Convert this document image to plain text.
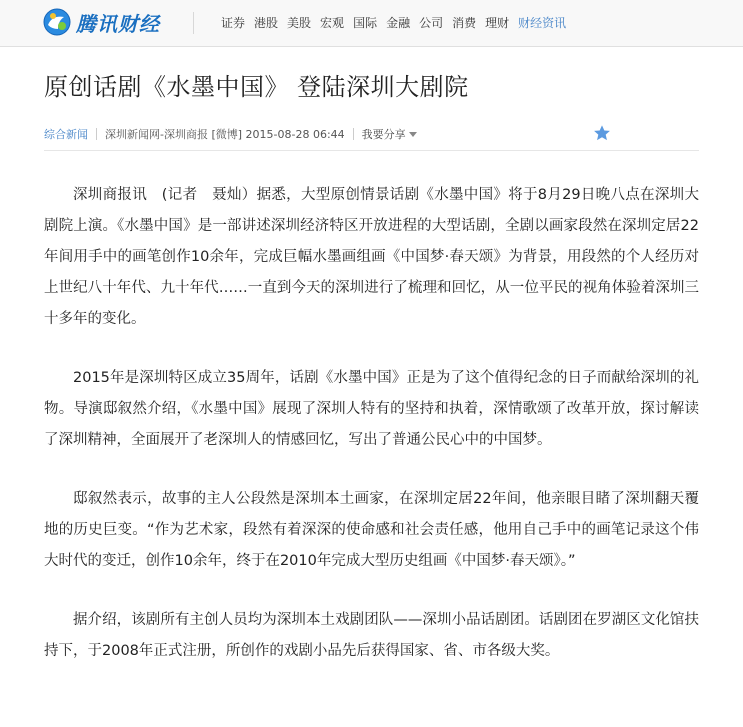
腾讯财经	证券 港股 美股 宏观 国际 金融 公司 消费 理财 财经资讯
原创话剧《水墨中国》 登陆深圳大剧院
综合新闻 深圳新闻网-深圳商报 [微博] 2015-08-28 06:44 我要分享

深圳商报讯　(记者　聂灿）据悉，大型原创情景话剧《水墨中国》将于8月29日晚八点在深圳大剧院上演。《水墨中国》是一部讲述深圳经济特区开放进程的大型话剧，全剧以画家段然在深圳定居22年间用手中的画笔创作10余年，完成巨幅水墨画组画《中国梦·春天颂》为背景，用段然的个人经历对上世纪八十年代、九十年代……一直到今天的深圳进行了梳理和回忆，从一位平民的视角体验着深圳三十多年的变化。

2015年是深圳特区成立35周年，话剧《水墨中国》正是为了这个值得纪念的日子而献给深圳的礼物。导演邸叙然介绍，《水墨中国》展现了深圳人特有的坚持和执着，深情歌颂了改革开放，探讨解读了深圳精神，全面展开了老深圳人的情感回忆，写出了普通公民心中的中国梦。

邸叙然表示，故事的主人公段然是深圳本土画家，在深圳定居22年间，他亲眼目睹了深圳翻天覆地的历史巨变。“作为艺术家，段然有着深深的使命感和社会责任感，他用自己手中的画笔记录这个伟大时代的变迁，创作10余年，终于在2010年完成大型历史组画《中国梦·春天颂》。”

据介绍，该剧所有主创人员均为深圳本土戏剧团队——深圳小品话剧团。话剧团在罗湖区文化馆扶持下，于2008年正式注册，所创作的戏剧小品先后获得国家、省、市各级大奖。
